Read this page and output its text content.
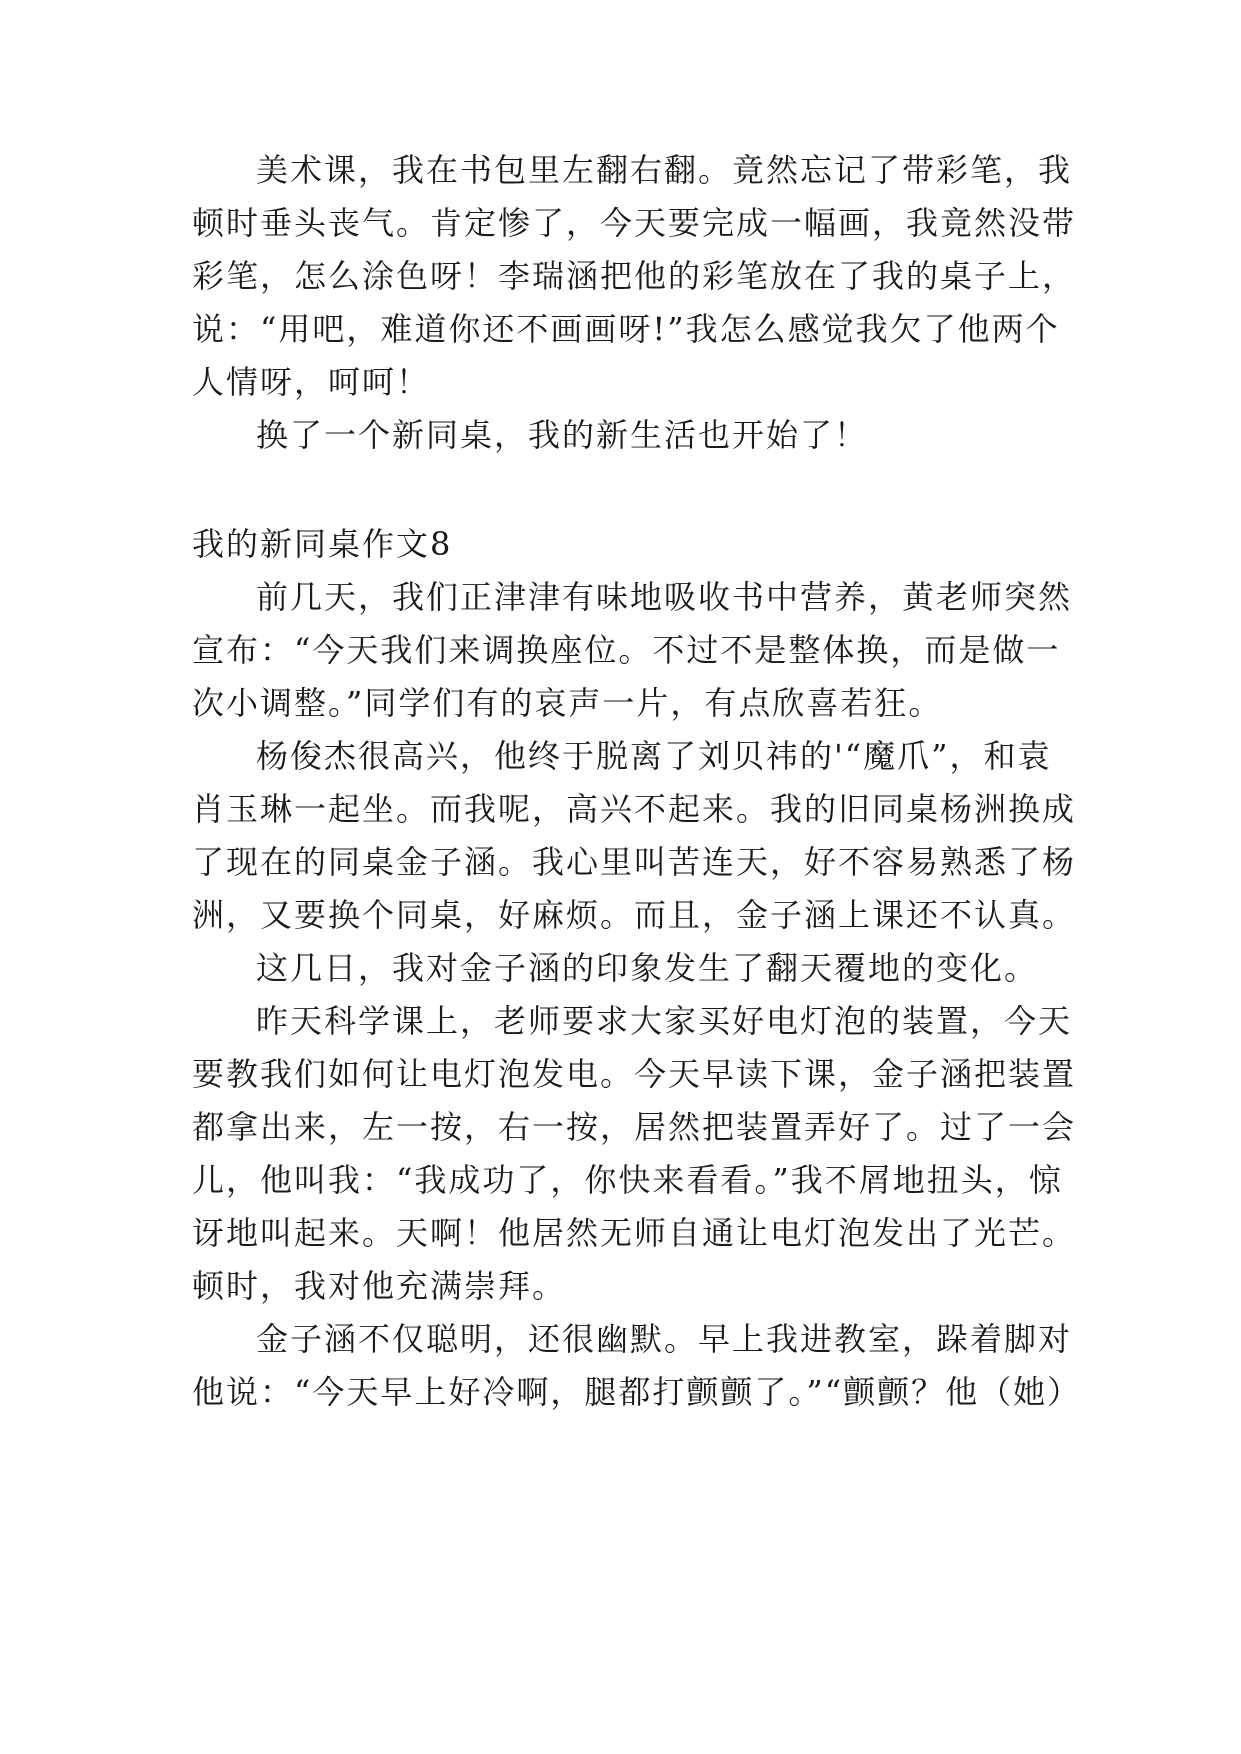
美术课，我在书包里左翻右翻。竟然忘记了带彩笔，我
顿时垂头丧气。肯定惨了，今天要完成一幅画，我竟然没带
彩笔，怎么涂色呀！李瑞涵把他的彩笔放在了我的桌子上，
说：“用吧，难道你还不画画呀!”我怎么感觉我欠了他两个
人情呀，呵呵！
换了一个新同桌，我的新生活也开始了！
我的新同桌作文8
前几天，我们正津津有味地吸收书中营养，黄老师突然
宣布：“今天我们来调换座位。不过不是整体换，而是做一
次小调整。”同学们有的哀声一片，有点欣喜若狂。
杨俊杰很高兴，他终于脱离了刘贝祎的'“魔爪”，和袁
肖玉琳一起坐。而我呢，高兴不起来。我的旧同桌杨洲换成
了现在的同桌金子涵。我心里叫苦连天，好不容易熟悉了杨
洲，又要换个同桌，好麻烦。而且，金子涵上课还不认真。
这几日，我对金子涵的印象发生了翻天覆地的变化。
昨天科学课上，老师要求大家买好电灯泡的装置，今天
要教我们如何让电灯泡发电。今天早读下课，金子涵把装置
都拿出来，左一按，右一按，居然把装置弄好了。过了一会
儿，他叫我：“我成功了，你快来看看。”我不屑地扭头，惊
讶地叫起来。天啊！他居然无师自通让电灯泡发出了光芒。
顿时，我对他充满崇拜。
金子涵不仅聪明，还很幽默。早上我进教室，跺着脚对
他说：“今天早上好冷啊，腿都打颤颤了。”“颤颤？他（她）
